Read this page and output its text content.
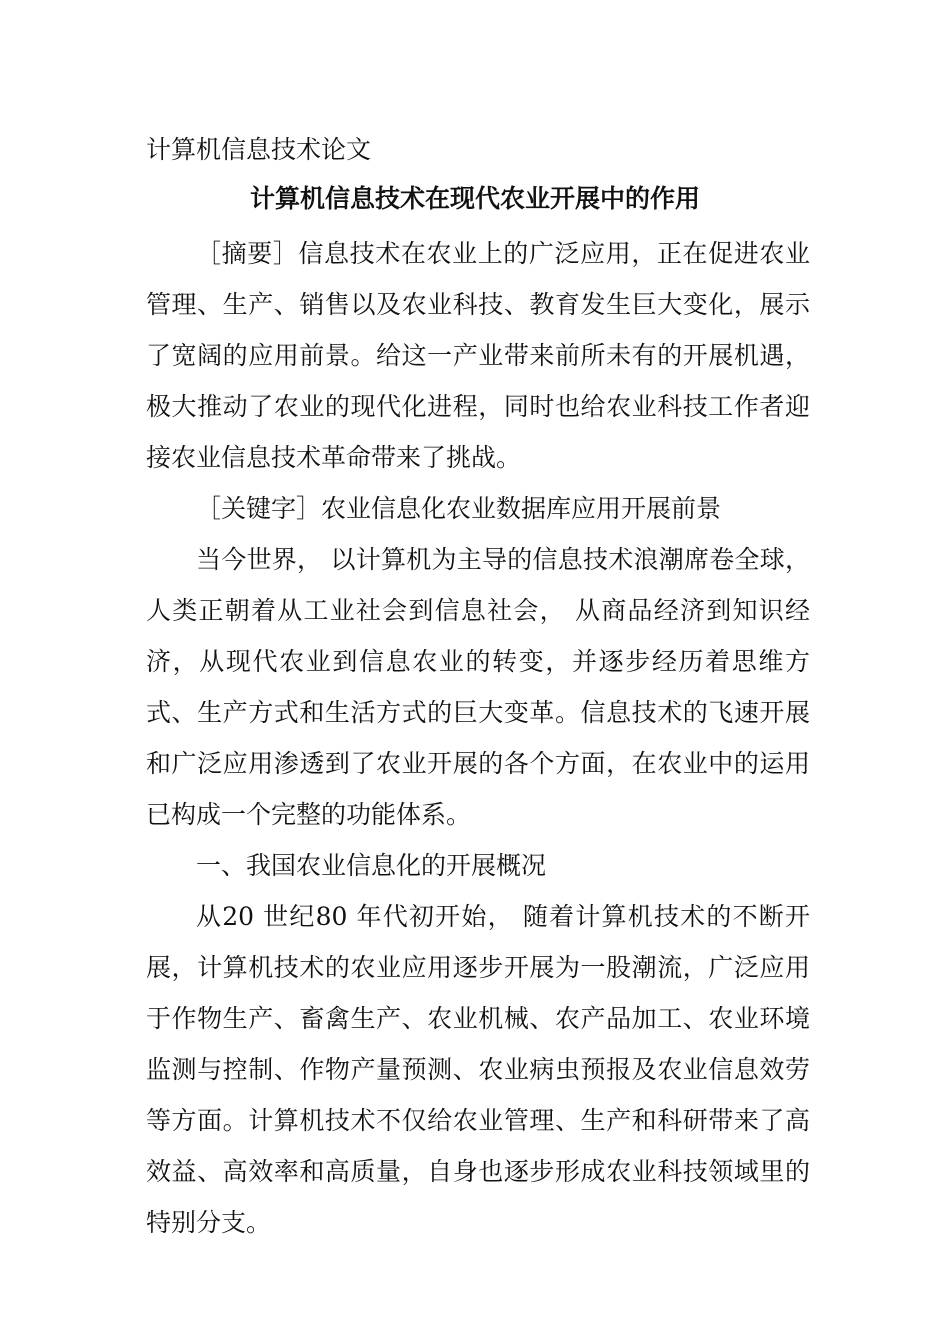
计算机信息技术论文
计算机信息技术在现代农业开展中的作用

［摘要］信息技术在农业上的广泛应用，正在促进农业管理、生产、销售以及农业科技、教育发生巨大变化，展示了宽阔的应用前景。给这一产业带来前所未有的开展机遇，极大推动了农业的现代化进程，同时也给农业科技工作者迎接农业信息技术革命带来了挑战。

［关键字］农业信息化农业数据库应用开展前景

当今世界， 以计算机为主导的信息技术浪潮席卷全球，人类正朝着从工业社会到信息社会， 从商品经济到知识经济，从现代农业到信息农业的转变，并逐步经历着思维方式、生产方式和生活方式的巨大变革。信息技术的飞速开展和广泛应用渗透到了农业开展的各个方面，在农业中的运用已构成一个完整的功能体系。

一、我国农业信息化的开展概况

从20 世纪80 年代初开始， 随着计算机技术的不断开展，计算机技术的农业应用逐步开展为一股潮流，广泛应用于作物生产、畜禽生产、农业机械、农产品加工、农业环境监测与控制、作物产量预测、农业病虫预报及农业信息效劳等方面。计算机技术不仅给农业管理、生产和科研带来了高效益、高效率和高质量，自身也逐步形成农业科技领域里的特别分支。
